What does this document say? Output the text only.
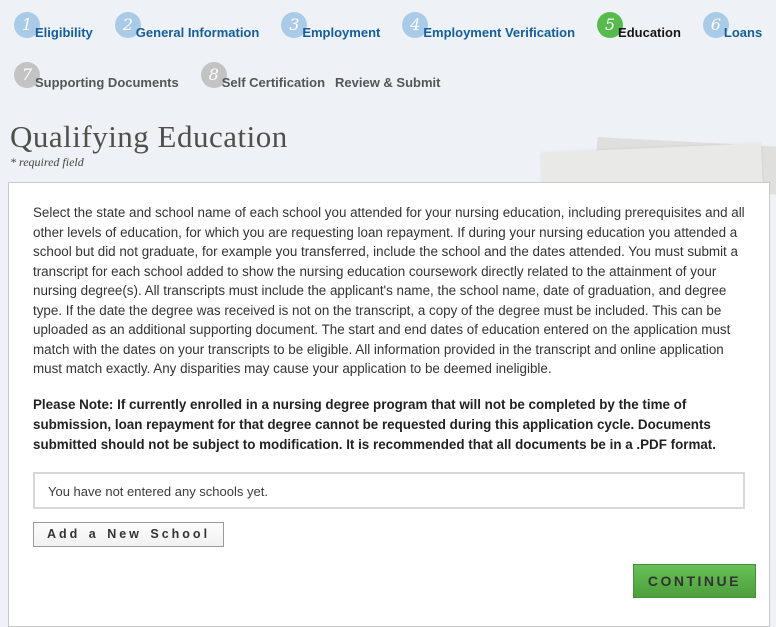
1 Eligibility	2 General Information	3 Employment	4 Employment Verification	5 Education	6 Loans
7 Supporting Documents	8 Self Certification Review & Submit
Qualifying Education
* required field

Select the state and school name of each school you attended for your nursing education, including prerequisites and all other levels of education, for which you are requesting loan repayment. If during your nursing education you attended a school but did not graduate, for example you transferred, include the school and the dates attended. You must submit a transcript for each school added to show the nursing education coursework directly related to the attainment of your nursing degree(s). All transcripts must include the applicant's name, the school name, date of graduation, and degree type. If the date the degree was received is not on the transcript, a copy of the degree must be included. This can be uploaded as an additional supporting document. The start and end dates of education entered on the application must match with the dates on your transcripts to be eligible. All information provided in the transcript and online application must match exactly. Any disparities may cause your application to be deemed ineligible.

Please Note: If currently enrolled in a nursing degree program that will not be completed by the time of submission, loan repayment for that degree cannot be requested during this application cycle. Documents submitted should not be subject to modification. It is recommended that all documents be in a .PDF format.

You have not entered any schools yet.
Add a New School
CONTINUE
